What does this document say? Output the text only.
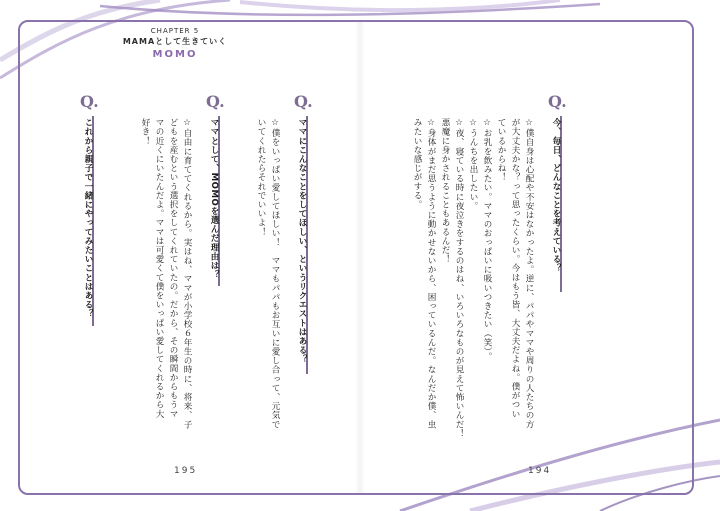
CHAPTER 5
MAMAとして生きていく
MOMO
Q.
今、毎日、どんなことを考えている？
☆僕自身は心配や不安はなかったよ。逆に、パパやママや周りの人たちの方
が大丈夫かな？って思ったくらい。今はもう皆、大丈夫だよね。僕がつい
ているからね！
☆お乳を飲みたい。ママのおっぱいに吸いつきたい（笑）。
☆うんちを出したい。
☆夜、寝ている時に夜泣きをするのはね、いろいろなものが見えて怖いんだ！
悪魔に身かされることもあるんだ！
☆身体がまだ思うように動かせないから、困っているんだ。なんだか僕、虫
みたいな感じがする。
194
Q.
ママにこんなことをしてほしい、というリクエストはある？
☆僕をいっぱい愛してほしい！　ママもパパもお互いに愛し合って、元気で
いてくれたらそれでいいよ！
Q.
ママとして、MOMOを選んだ理由は？
☆自由に育ててくれるから。実はね、ママが小学校６年生の時に、将来、子
どもを産むという選択をしてくれていたの。だから、その瞬間からもうマ
マの近くにいたんだよ。ママは可愛くて僕をいっぱい愛してくれるから大
好き！
Q.
これから親子で一緒にやってみたいことはある？
195
